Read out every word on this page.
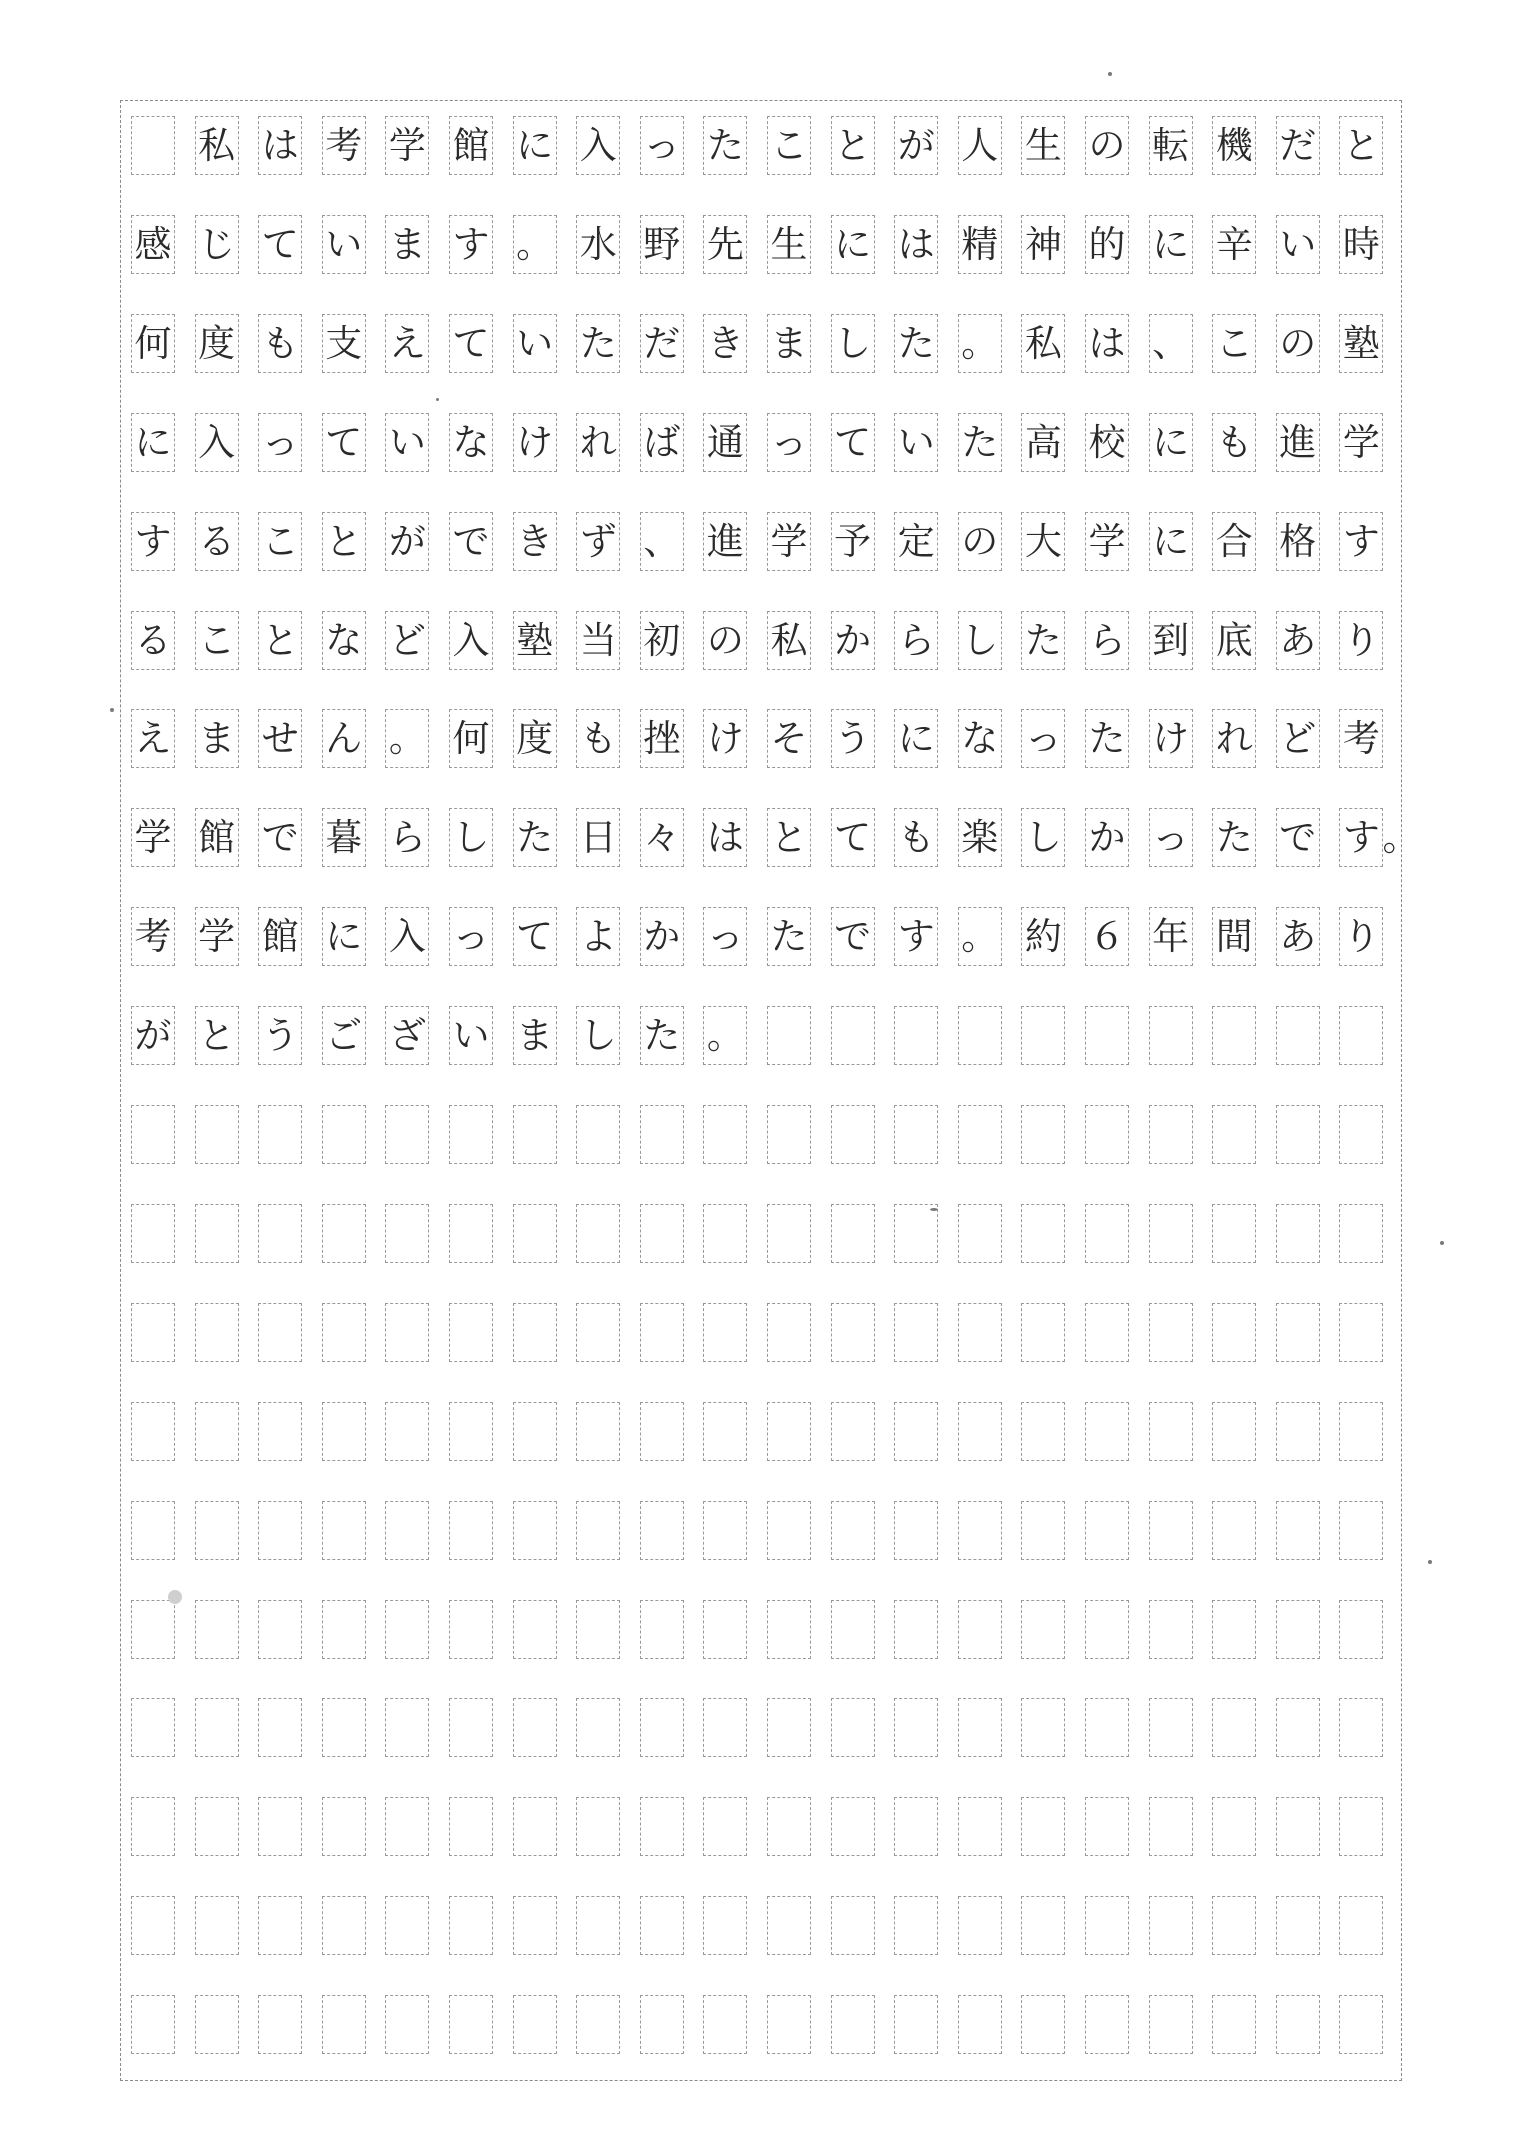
私 は 考 学 館 に 入 っ た こ と が 人 生 の 転 機 だ と
感 じ て い ま す 。 水 野 先 生 に は 精 神 的 に 辛 い 時
何 度 も 支 え て い た だ き ま し た 。 私 は 、 こ の 塾
に 入 っ て い な け れ ば 通 っ て い た 高 校 に も 進 学
す る こ と が で き ず 、 進 学 予 定 の 大 学 に 合 格 す
る こ と な ど 入 塾 当 初 の 私 か ら し た ら 到 底 あ り
え ま せ ん 。 何 度 も 挫 け そ う に な っ た け れ ど 考
学 館 で 暮 ら し た 日 々 は と て も 楽 し か っ た で す 。
考 学 館 に 入 っ て よ か っ た で す 。 約 ６ 年 間 あ り
が と う ご ざ い ま し た 。
